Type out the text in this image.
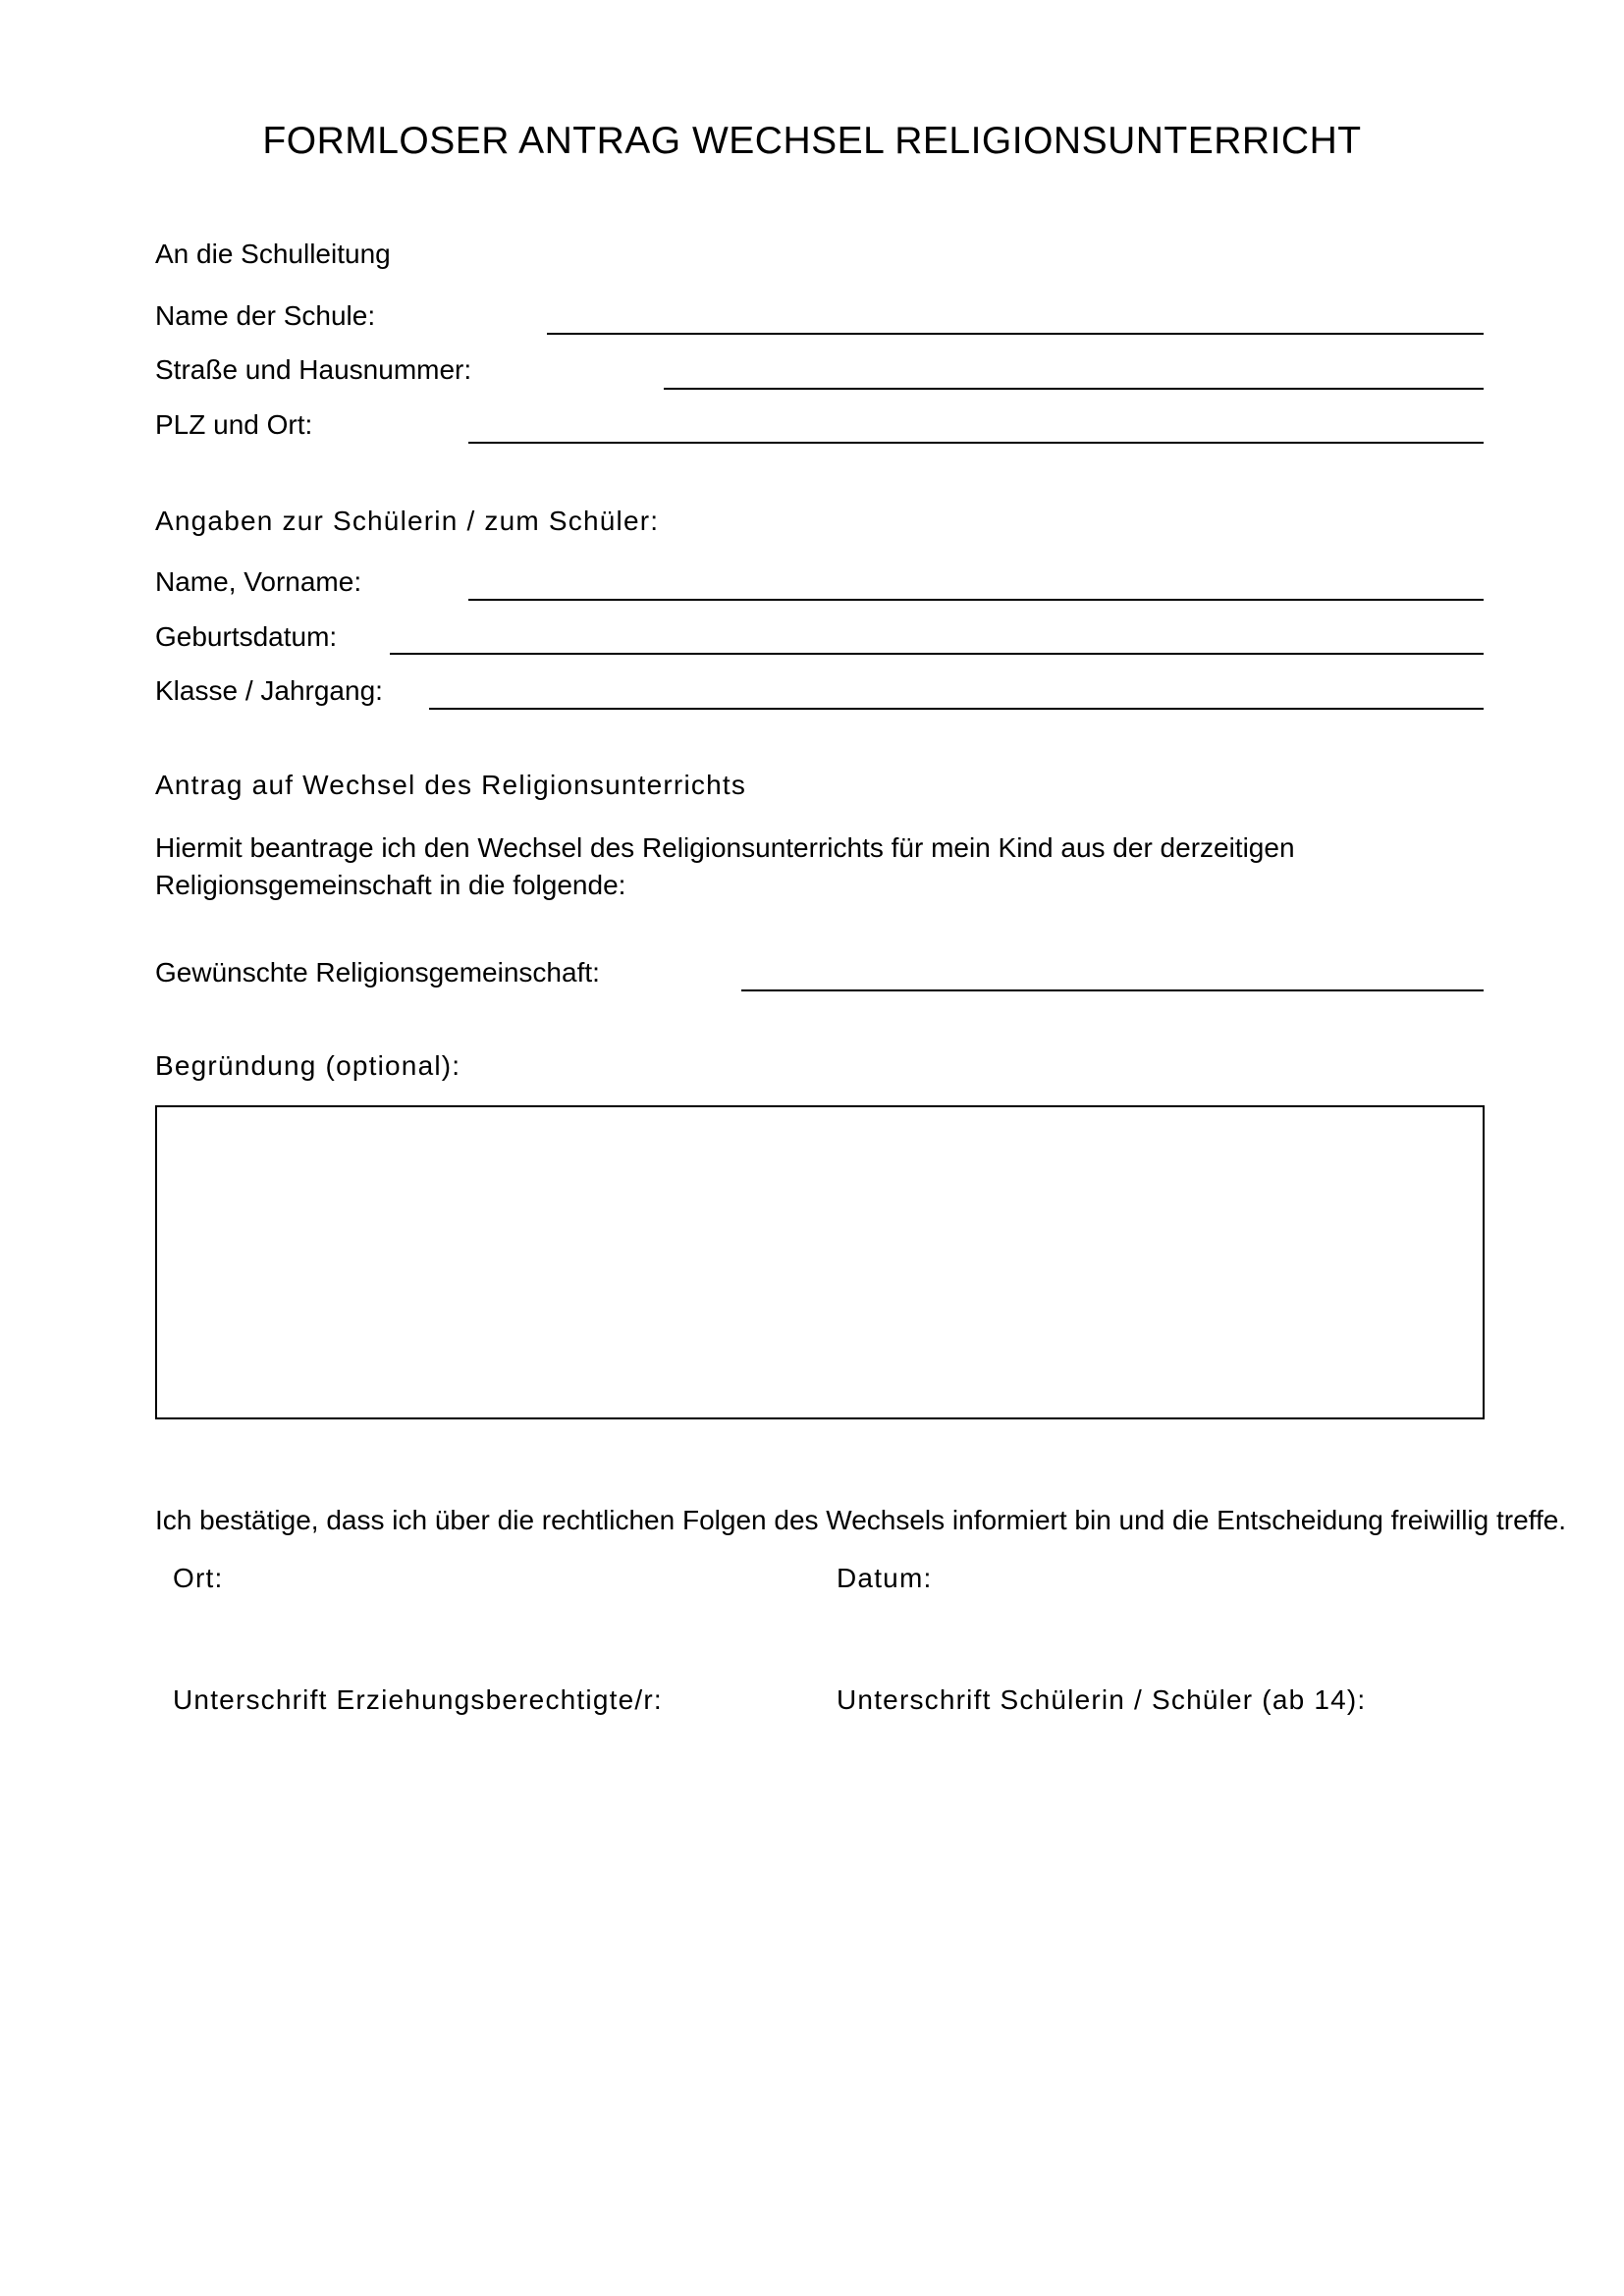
FORMLOSER ANTRAG WECHSEL RELIGIONSUNTERRICHT
An die Schulleitung
Name der Schule:
Straße und Hausnummer:
PLZ und Ort:
Angaben zur Schülerin / zum Schüler:
Name, Vorname:
Geburtsdatum:
Klasse / Jahrgang:
Antrag auf Wechsel des Religionsunterrichts
Hiermit beantrage ich den Wechsel des Religionsunterrichts für mein Kind aus der derzeitigen Religionsgemeinschaft in die folgende:
Gewünschte Religionsgemeinschaft:
Begründung (optional):
Ich bestätige, dass ich über die rechtlichen Folgen des Wechsels informiert bin und die Entscheidung freiwillig treffe.
Ort:	Datum:
Unterschrift Erziehungsberechtigte/r:	Unterschrift Schülerin / Schüler (ab 14):
